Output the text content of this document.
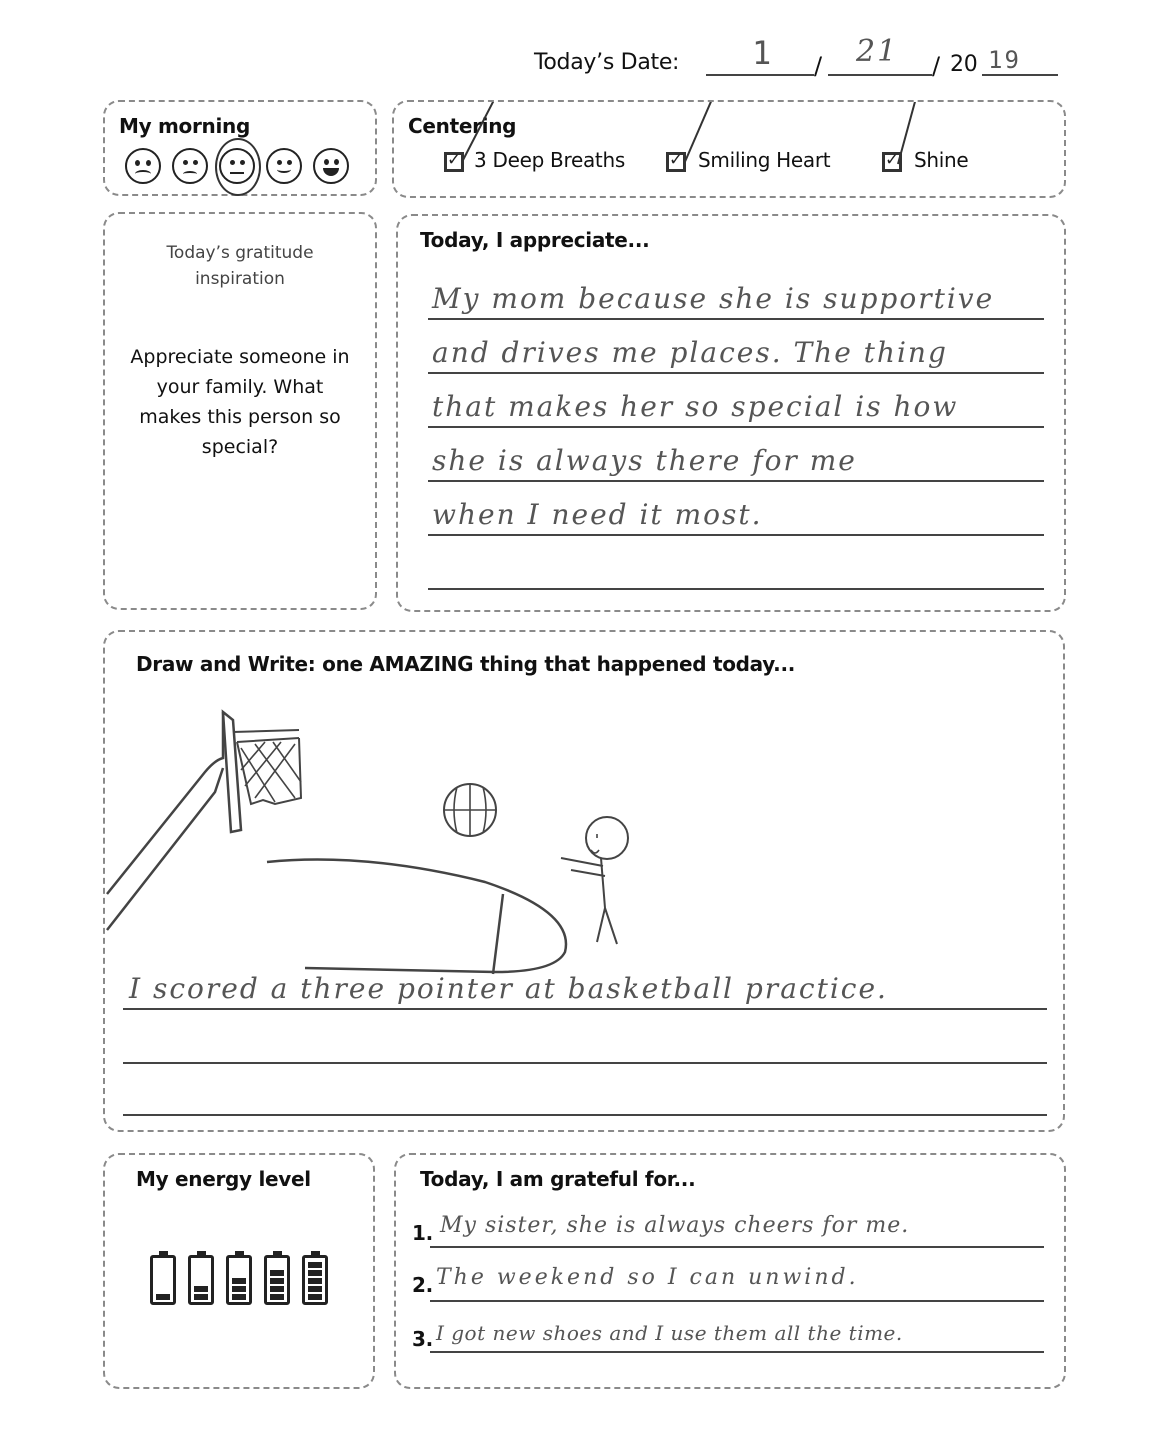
Today’s Date: 1 / 21 / 20 19
My morning	Centering
✓
3 Deep Breaths ✓	Smiling Heart ✓	Shine
Today’s gratitude inspiration
Appreciate someone in your family. What makes this person so special?
Today, I appreciate...
My mom because she is supportive
and drives me places. The thing
that makes her so special is how
she is always there for me
when I need it most.
Draw and Write: one AMAZING thing that happened today...
I scored a three pointer at basketball practice.
My energy level	Today, I am grateful for...
1. My sister, she is always cheers for me.
2. The weekend so I can unwind.
3. I got new shoes and I use them all the time.
